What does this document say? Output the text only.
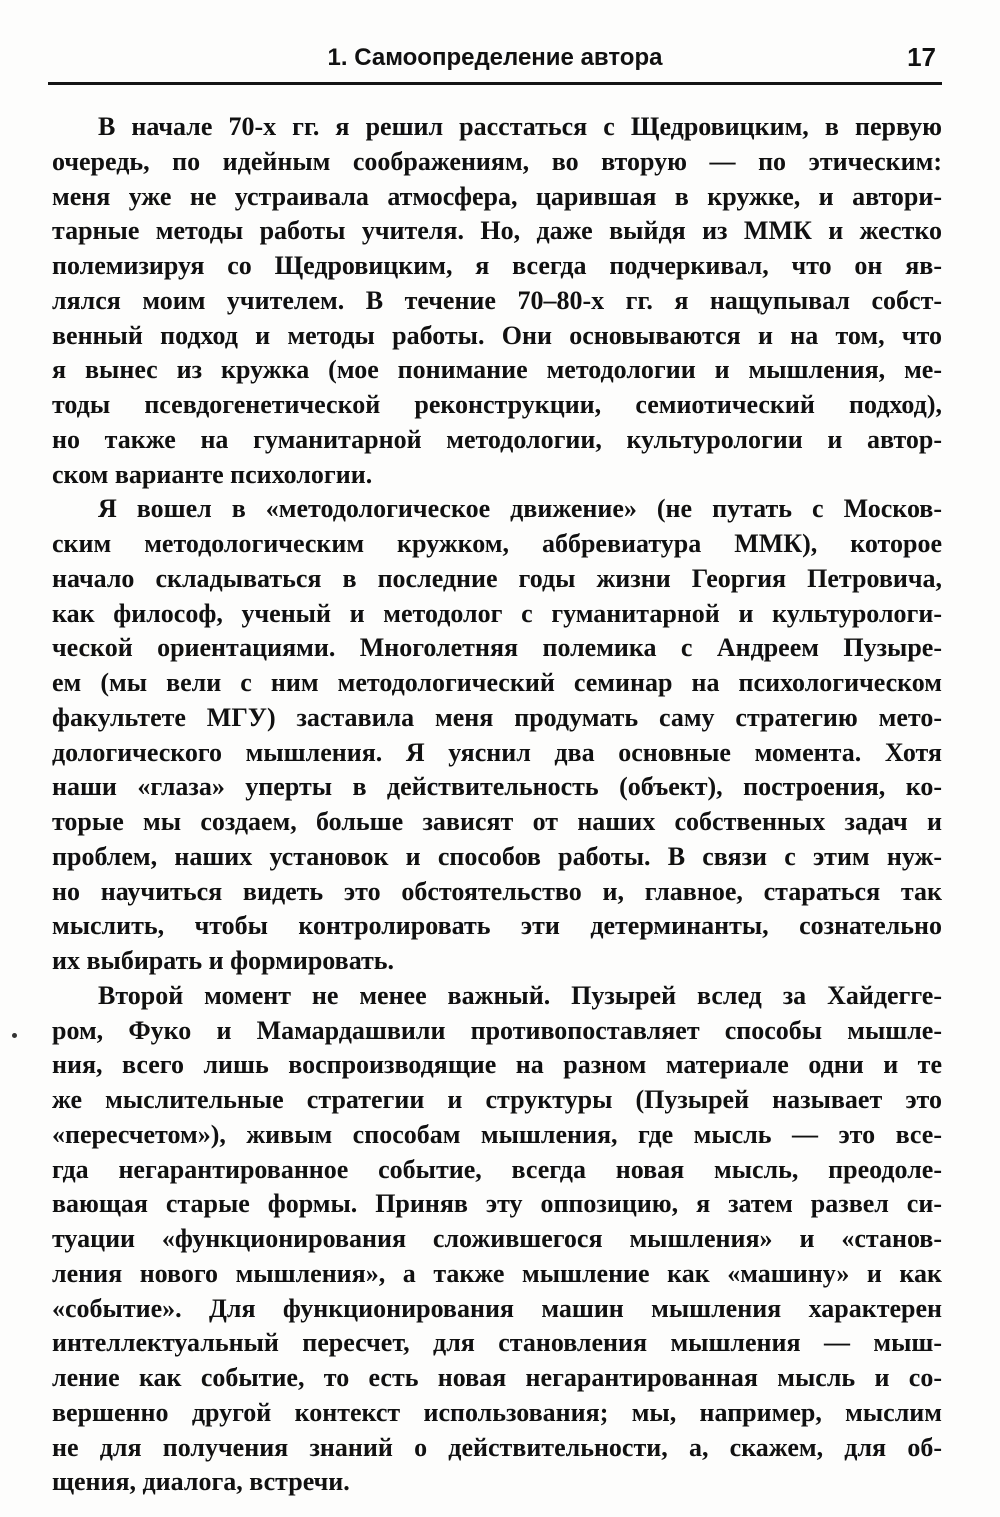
1. Самоопределение автора	17
В начале 70-х гг. я решил расстаться с Щедровицким, в первую
очередь, по идейным соображениям, во вторую — по этическим:
меня уже не устраивала атмосфера, царившая в кружке, и автори-
тарные методы работы учителя. Но, даже выйдя из ММК и жестко
полемизируя со Щедровицким, я всегда подчеркивал, что он яв-
лялся моим учителем. В течение 70–80-х гг. я нащупывал собст-
венный подход и методы работы. Они основываются и на том, что
я вынес из кружка (мое понимание методологии и мышления, ме-
тоды псевдогенетической реконструкции, семиотический подход),
но также на гуманитарной методологии, культурологии и автор-
ском варианте психологии.
Я вошел в «методологическое движение» (не путать с Москов-
ским методологическим кружком, аббревиатура ММК), которое
начало складываться в последние годы жизни Георгия Петровича,
как философ, ученый и методолог с гуманитарной и культурологи-
ческой ориентациями. Многолетняя полемика с Андреем Пузыре-
ем (мы вели с ним методологический семинар на психологическом
факультете МГУ) заставила меня продумать саму стратегию мето-
дологического мышления. Я уяснил два основные момента. Хотя
наши «глаза» уперты в действительность (объект), построения, ко-
торые мы создаем, больше зависят от наших собственных задач и
проблем, наших установок и способов работы. В связи с этим нуж-
но научиться видеть это обстоятельство и, главное, стараться так
мыслить, чтобы контролировать эти детерминанты, сознательно
их выбирать и формировать.
Второй момент не менее важный. Пузырей вслед за Хайдегге-
ром, Фуко и Мамардашвили противопоставляет способы мышле-
ния, всего лишь воспроизводящие на разном материале одни и те
же мыслительные стратегии и структуры (Пузырей называет это
«пересчетом»), живым способам мышления, где мысль — это все-
гда негарантированное событие, всегда новая мысль, преодоле-
вающая старые формы. Приняв эту оппозицию, я затем развел си-
туации «функционирования сложившегося мышления» и «станов-
ления нового мышления», а также мышление как «машину» и как
«событие». Для функционирования машин мышления характерен
интеллектуальный пересчет, для становления мышления — мыш-
ление как событие, то есть новая негарантированная мысль и со-
вершенно другой контекст использования; мы, например, мыслим
не для получения знаний о действительности, а, скажем, для об-
щения, диалога, встречи.
